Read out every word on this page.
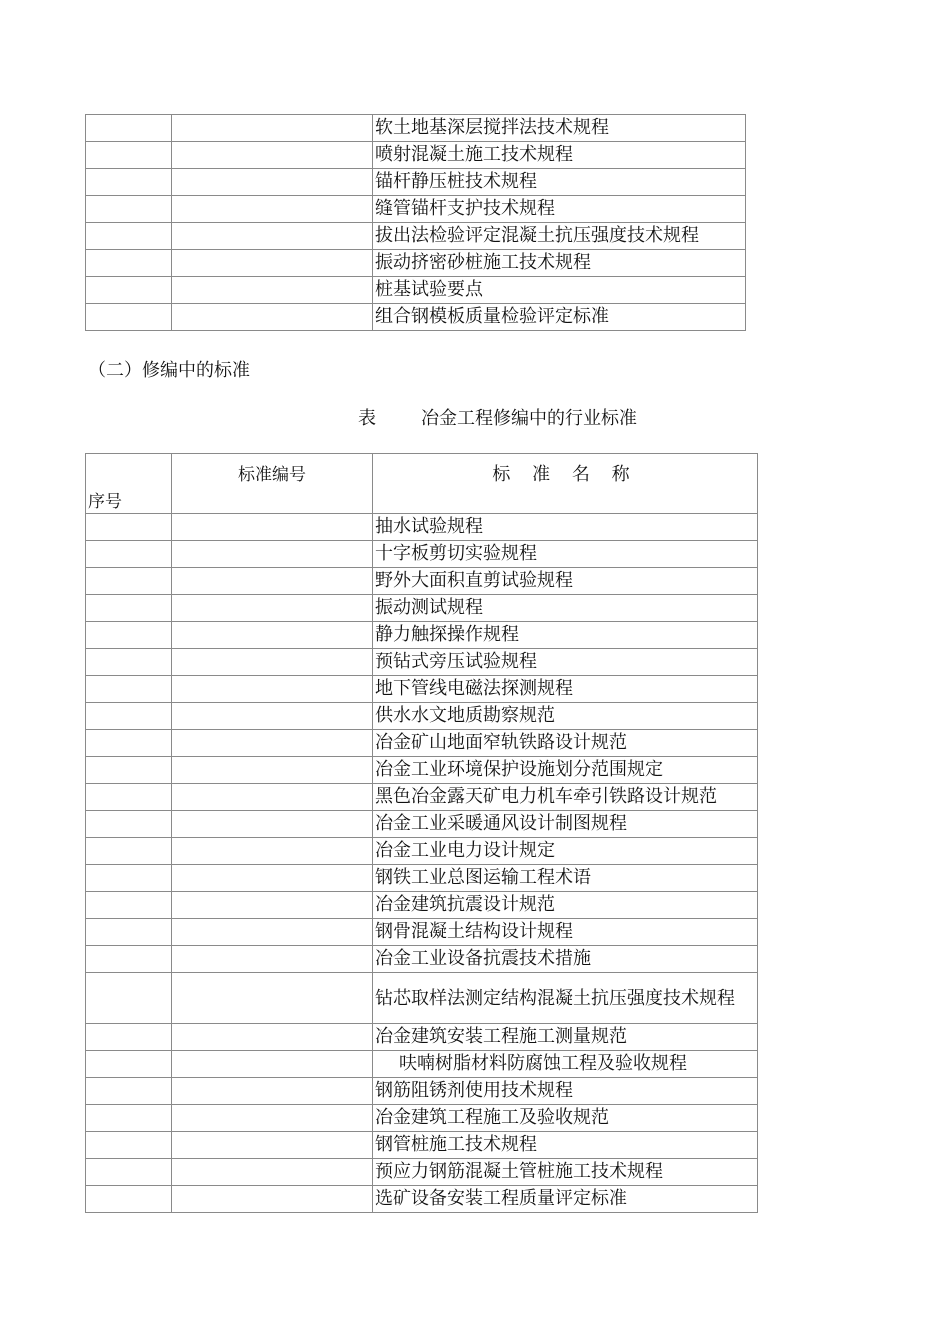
		软土地基深层搅拌法技术规程
		喷射混凝土施工技术规程
		锚杆静压桩技术规程
		缝管锚杆支护技术规程
		拔出法检验评定混凝土抗压强度技术规程
		振动挤密砂桩施工技术规程
		桩基试验要点
		组合钢模板质量检验评定标准
（二）修编中的标准
表	冶金工程修编中的行业标准
序号	标准编号	标 准 名 称
		抽水试验规程
		十字板剪切实验规程
		野外大面积直剪试验规程
		振动测试规程
		静力触探操作规程
		预钻式旁压试验规程
		地下管线电磁法探测规程
		供水水文地质勘察规范
		冶金矿山地面窄轨铁路设计规范
		冶金工业环境保护设施划分范围规定
		黑色冶金露天矿电力机车牵引铁路设计规范
		冶金工业采暖通风设计制图规程
		冶金工业电力设计规定
		钢铁工业总图运输工程术语
		冶金建筑抗震设计规范
		钢骨混凝土结构设计规程
		冶金工业设备抗震技术措施
		钻芯取样法测定结构混凝土抗压强度技术规程
		冶金建筑安装工程施工测量规范
		呋喃树脂材料防腐蚀工程及验收规程
		钢筋阻锈剂使用技术规程
		冶金建筑工程施工及验收规范
		钢管桩施工技术规程
		预应力钢筋混凝土管桩施工技术规程
		选矿设备安装工程质量评定标准
